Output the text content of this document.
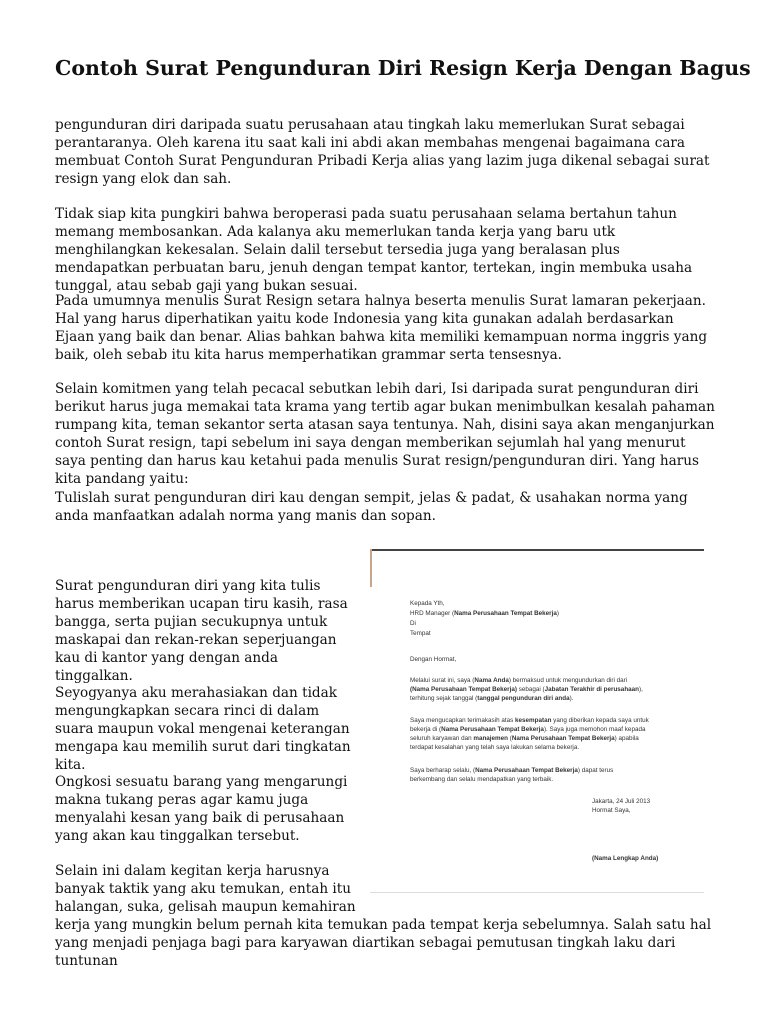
Contoh Surat Pengunduran Diri Resign Kerja Dengan Bagus

pengunduran diri daripada suatu perusahaan atau tingkah laku memerlukan Surat sebagai perantaranya. Oleh karena itu saat kali ini abdi akan membahas mengenai bagaimana cara membuat Contoh Surat Pengunduran Pribadi Kerja alias yang lazim juga dikenal sebagai surat resign yang elok dan sah.

Tidak siap kita pungkiri bahwa beroperasi pada suatu perusahaan selama bertahun tahun memang membosankan. Ada kalanya aku memerlukan tanda kerja yang baru utk menghilangkan kekesalan. Selain dalil tersebut tersedia juga yang beralasan plus mendapatkan perbuatan baru, jenuh dengan tempat kantor, tertekan, ingin membuka usaha tunggal, atau sebab gaji yang bukan sesuai.

Pada umumnya menulis Surat Resign setara halnya beserta menulis Surat lamaran pekerjaan. Hal yang harus diperhatikan yaitu kode Indonesia yang kita gunakan adalah berdasarkan Ejaan yang baik dan benar. Alias bahkan bahwa kita memiliki kemampuan norma inggris yang baik, oleh sebab itu kita harus memperhatikan grammar serta tensesnya.

Selain komitmen yang telah pecacal sebutkan lebih dari, Isi daripada surat pengunduran diri berikut harus juga memakai tata krama yang tertib agar bukan menimbulkan kesalah pahaman rumpang kita, teman sekantor serta atasan saya tentunya. Nah, disini saya akan menganjurkan contoh Surat resign, tapi sebelum ini saya dengan memberikan sejumlah hal yang menurut saya penting dan harus kau ketahui pada menulis Surat resign/pengunduran diri. Yang harus kita pandang yaitu:

Tulislah surat pengunduran diri kau dengan sempit, jelas & padat, & usahakan norma yang anda manfaatkan adalah norma yang manis dan sopan.

Surat pengunduran diri yang kita tulis harus memberikan ucapan tiru kasih, rasa bangga, serta pujian secukupnya untuk maskapai dan rekan-rekan seperjuangan kau di kantor yang dengan anda tinggalkan.

Seyogyanya aku merahasiakan dan tidak mengungkapkan secara rinci di dalam suara maupun vokal mengenai keterangan mengapa kau memilih surut dari tingkatan kita.

Ongkosi sesuatu barang yang mengarungi makna tukang peras agar kamu juga menyalahi kesan yang baik di perusahaan yang akan kau tinggalkan tersebut.

Selain ini dalam kegitan kerja harusnya banyak taktik yang aku temukan, entah itu halangan, suka, gelisah maupun kemahiran

kerja yang mungkin belum pernah kita temukan pada tempat kerja sebelumnya. Salah satu hal yang menjadi penjaga bagi para karyawan diartikan sebagai pemutusan tingkah laku dari tuntunan

Kepada Yth,

HRD Manager (Nama Perusahaan Tempat Bekerja)

Di

Tempat

Dengan Hormat,

Melalui surat ini, saya (Nama Anda) bermaksud untuk mengundurkan diri dari

(Nama Perusahaan Tempat Bekerja) sebagai (Jabatan Terakhir di perusahaan),

terhitung sejak tanggal (tanggal pengunduran diri anda).

Saya mengucapkan terimakasih atas kesempatan yang diberikan kepada saya untuk

bekerja di (Nama Perusahaan Tempat Bekerja). Saya juga memohon maaf kepada

seluruh karyawan dan manajemen (Nama Perusahaan Tempat Bekerja) apabila

terdapat kesalahan yang telah saya lakukan selama bekerja.

Saya berharap selalu, (Nama Perusahaan Tempat Bekerja) dapat terus

berkembang dan selalu mendapatkan yang terbaik.

Jakarta, 24 Juli 2013

Hormat Saya,

(Nama Lengkap Anda)
